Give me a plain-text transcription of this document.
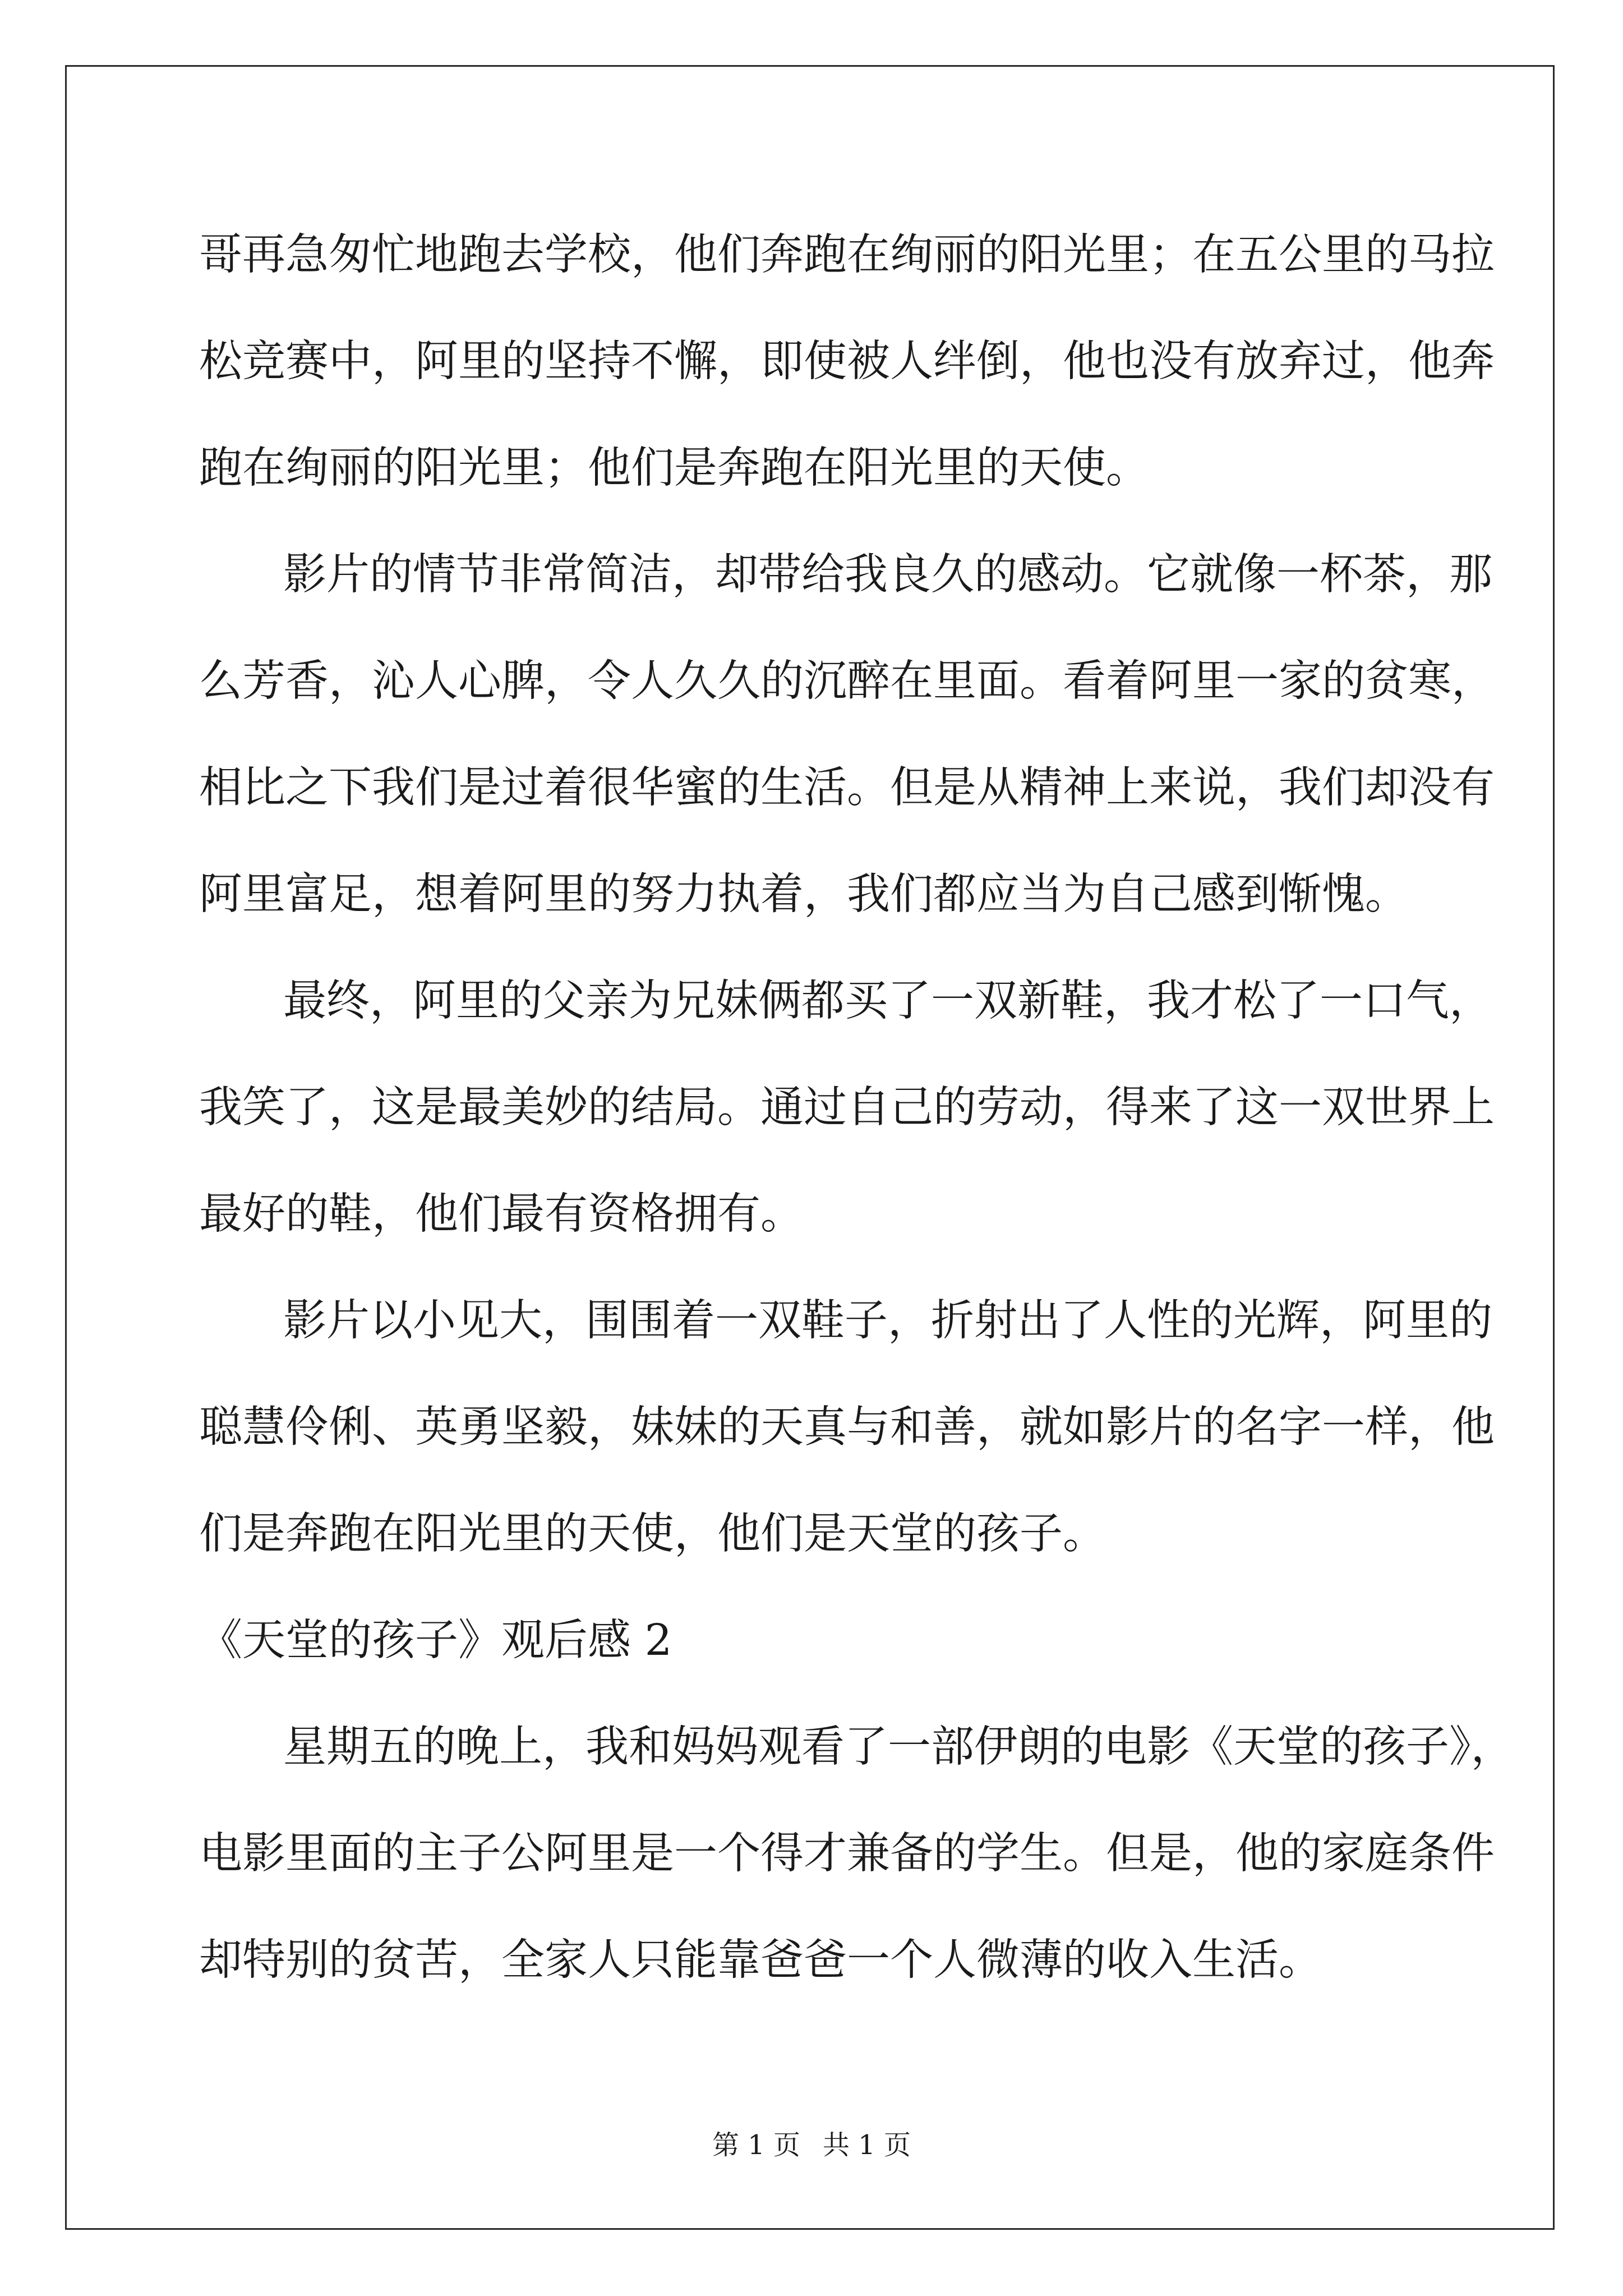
哥再急匆忙地跑去学校，他们奔跑在绚丽的阳光里；在五公里的马拉
松竞赛中，阿里的坚持不懈，即使被人绊倒，他也没有放弃过，他奔
跑在绚丽的阳光里；他们是奔跑在阳光里的天使。
影片的情节非常简洁，却带给我良久的感动。它就像一杯茶，那
么芳香，沁人心脾，令人久久的沉醉在里面。看着阿里一家的贫寒，
相比之下我们是过着很华蜜的生活。但是从精神上来说，我们却没有
阿里富足，想着阿里的努力执着，我们都应当为自己感到惭愧。
最终，阿里的父亲为兄妹俩都买了一双新鞋，我才松了一口气，
我笑了，这是最美妙的结局。通过自己的劳动，得来了这一双世界上
最好的鞋，他们最有资格拥有。
影片以小见大，围围着一双鞋子，折射出了人性的光辉，阿里的
聪慧伶俐、英勇坚毅，妹妹的天真与和善，就如影片的名字一样，他
们是奔跑在阳光里的天使，他们是天堂的孩子。
《天堂的孩子》观后感 2
星期五的晚上，我和妈妈观看了一部伊朗的电影《天堂的孩子》，
电影里面的主子公阿里是一个得才兼备的学生。但是，他的家庭条件
却特别的贫苦，全家人只能靠爸爸一个人微薄的收入生活。
第 1 页 共 1 页
